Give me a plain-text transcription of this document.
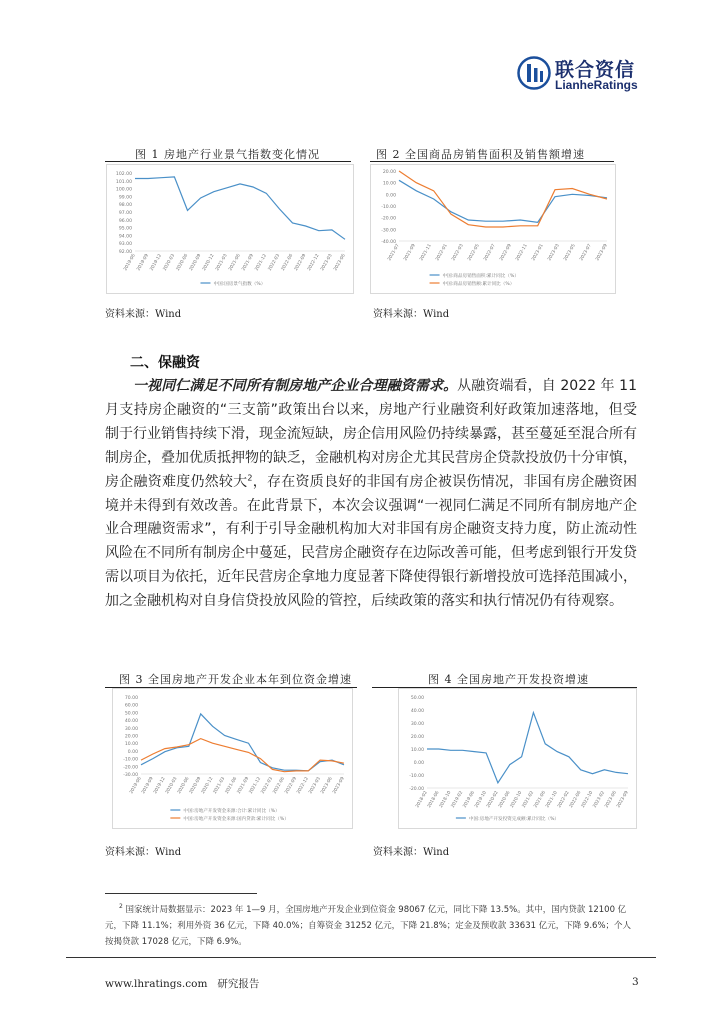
联合资信
LianheRatings
图 1 房地产行业景气指数变化情况
102.00
101.00
100.00
99.00
98.00
97.00
96.00
95.00
94.00
93.00
92.00
2019-06 2019-09 2019-12 2020-03 2020-06 2020-09 2020-12 2021-03 2021-06 2021-09 2021-12 2022-03 2022-06 2022-09 2022-12 2023-03 2023-06
中国:国房景气指数（%）
资料来源：Wind
图 2 全国商品房销售面积及销售额增速
20.00
10.00
0.00
-10.00
-20.00
-30.00
-40.00
2021-07 2021-09 2021-11 2022-01 2022-03 2022-05 2022-07 2022-09 2022-11 2023-01 2023-03 2023-05 2023-07 2023-09
中国:商品房销售面积:累计同比（%）
中国:商品房销售额:累计同比（%）
资料来源：Wind
二、保融资
一视同仁满足不同所有制房地产企业合理融资需求。从融资端看，自 2022 年 11 月支持房企融资的“三支箭”政策出台以来，房地产行业融资利好政策加速落地，但受制于行业销售持续下滑，现金流短缺，房企信用风险仍持续暴露，甚至蔓延至混合所有制房企，叠加优质抵押物的缺乏，金融机构对房企尤其民营房企贷款投放仍十分审慎，房企融资难度仍然较大$^2$，存在资质良好的非国有房企被误伤情况，非国有房企融资困境并未得到有效改善。在此背景下，本次会议强调“一视同仁满足不同所有制房地产企业合理融资需求”，有利于引导金融机构加大对非国有房企融资支持力度，防止流动性风险在不同所有制房企中蔓延，民营房企融资存在边际改善可能，但考虑到银行开发贷需以项目为依托，近年民营房企拿地力度显著下降使得银行新增投放可选择范围减小，加之金融机构对自身信贷投放风险的管控，后续政策的落实和执行情况仍有待观察。
图 3 全国房地产开发企业本年到位资金增速
70.00
60.00
50.00
40.00
30.00
20.00
10.00
0.00
-10.00
-20.00
-30.00
2019-06
2019-09
2019-12
2020-03
2020-06
2020-09
2020-12
2021-03
2021-06
2021-09
2021-12
2022-03
2022-06
2022-09
2022-12
2023-03
2023-06
2023-09
中国:房地产开发资金来源:合计:累计同比（%）
中国:房地产开发资金来源:国内贷款:累计同比（%）
资料来源：Wind
图 4 全国房地产开发投资增速
50.00
40.00
30.00
20.00
10.00
0.00
-10.00
-20.00
2018-02
2018-06
2018-10
2019-02
2019-06
2019-10
2020-02
2020-06
2020-10
2021-02
2021-06
2021-10
2022-02
2022-06
2022-10
2023-02
2023-06
2023-09
中国:房地产开发投资完成额:累计同比（%）
资料来源：Wind
$^2$ 国家统计局数据显示：2023 年 1—9 月，全国房地产开发企业到位资金 98067 亿元，同比下降 13.5%。其中，国内贷款 12100 亿元，下降 11.1%；利用外资 36 亿元，下降 40.0%；自筹资金 31252 亿元，下降 21.8%；定金及预收款 33631 亿元，下降 9.6%；个人按揭贷款 17028 亿元，下降 6.9%。
www.lhratings.com 研究报告	3
